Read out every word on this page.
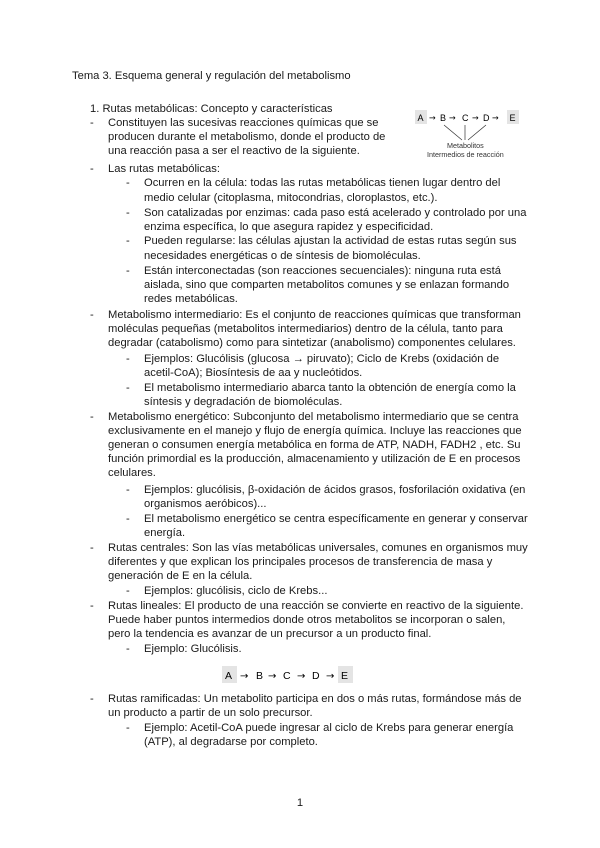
Tema 3. Esquema general y regulación del metabolismo
1. Rutas metabólicas: Concepto y características
Constituyen las sucesivas reacciones químicas que se
producen durante el metabolismo, donde el producto de
una reacción pasa a ser el reactivo de la siguiente.
Las rutas metabólicas:
Ocurren en la célula: todas las rutas metabólicas tienen lugar dentro del
medio celular (citoplasma, mitocondrias, cloroplastos, etc.).
Son catalizadas por enzimas: cada paso está acelerado y controlado por una
enzima específica, lo que asegura rapidez y especificidad.
Pueden regularse: las células ajustan la actividad de estas rutas según sus
necesidades energéticas o de síntesis de biomoléculas.
Están interconectadas (son reacciones secuenciales): ninguna ruta está
aislada, sino que comparten metabolitos comunes y se enlazan formando
redes metabólicas.
Metabolismo intermediario: Es el conjunto de reacciones químicas que transforman
moléculas pequeñas (metabolitos intermediarios) dentro de la célula, tanto para
degradar (catabolismo) como para sintetizar (anabolismo) componentes celulares.
Ejemplos: Glucólisis (glucosa → piruvato); Ciclo de Krebs (oxidación de
acetil-CoA); Biosíntesis de aa y nucleótidos.
El metabolismo intermediario abarca tanto la obtención de energía como la
síntesis y degradación de biomoléculas.
Metabolismo energético: Subconjunto del metabolismo intermediario que se centra
exclusivamente en el manejo y flujo de energía química. Incluye las reacciones que
generan o consumen energía metabólica en forma de ATP, NADH, FADH2 , etc. Su
función primordial es la producción, almacenamiento y utilización de E en procesos
celulares.
Ejemplos: glucólisis, β-oxidación de ácidos grasos, fosforilación oxidativa (en
organismos aeróbicos)...
El metabolismo energético se centra específicamente en generar y conservar
energía.
Rutas centrales: Son las vías metabólicas universales, comunes en organismos muy
diferentes y que explican los principales procesos de transferencia de masa y
generación de E en la célula.
Ejemplos: glucólisis, ciclo de Krebs...
Rutas lineales: El producto de una reacción se convierte en reactivo de la siguiente.
Puede haber puntos intermedios donde otros metabolitos se incorporan o salen,
pero la tendencia es avanzar de un precursor a un producto final.
Ejemplo: Glucólisis.
Rutas ramificadas: Un metabolito participa en dos o más rutas, formándose más de
un producto a partir de un solo precursor.
Ejemplo: Acetil-CoA puede ingresar al ciclo de Krebs para generar energía
(ATP), al degradarse por completo.
-
-
-
-
-
-
-
-
-
-
-
-
-
-
-
-
-
-
A → B → C → D → E
Metabolitos
Intermedios de reacción
A → B → C → D → E
1
